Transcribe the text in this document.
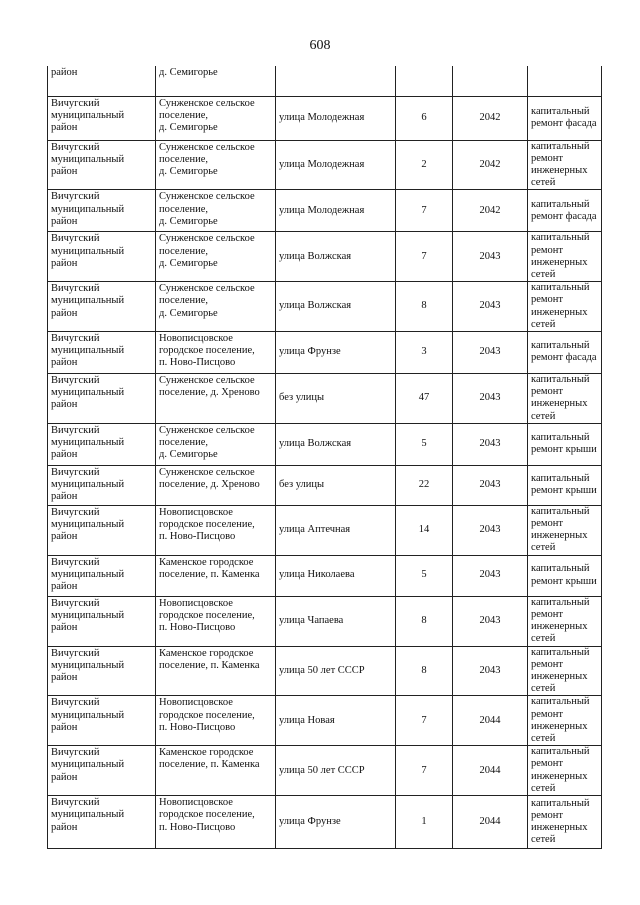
608
район	д. Семигорье				
Вичугский
муниципальный
район	Сунженское сельское
поселение,
д. Семигорье	улица Молодежная	6	2042	капитальный
ремонт фасада
Вичугский
муниципальный
район	Сунженское сельское
поселение,
д. Семигорье	улица Молодежная	2	2042	капитальный
ремонт
инженерных
сетей
Вичугский
муниципальный
район	Сунженское сельское
поселение,
д. Семигорье	улица Молодежная	7	2042	капитальный
ремонт фасада
Вичугский
муниципальный
район	Сунженское сельское
поселение,
д. Семигорье	улица Волжская	7	2043	капитальный
ремонт
инженерных
сетей
Вичугский
муниципальный
район	Сунженское сельское
поселение,
д. Семигорье	улица Волжская	8	2043	капитальный
ремонт
инженерных
сетей
Вичугский
муниципальный
район	Новописцовское
городское поселение,
п. Ново-Писцово	улица Фрунзе	3	2043	капитальный
ремонт фасада
Вичугский
муниципальный
район	Сунженское сельское
поселение, д. Хреново	без улицы	47	2043	капитальный
ремонт
инженерных
сетей
Вичугский
муниципальный
район	Сунженское сельское
поселение,
д. Семигорье	улица Волжская	5	2043	капитальный
ремонт крыши
Вичугский
муниципальный
район	Сунженское сельское
поселение, д. Хреново	без улицы	22	2043	капитальный
ремонт крыши
Вичугский
муниципальный
район	Новописцовское
городское поселение,
п. Ново-Писцово	улица Аптечная	14	2043	капитальный
ремонт
инженерных
сетей
Вичугский
муниципальный
район	Каменское городское
поселение, п. Каменка	улица Николаева	5	2043	капитальный
ремонт крыши
Вичугский
муниципальный
район	Новописцовское
городское поселение,
п. Ново-Писцово	улица Чапаева	8	2043	капитальный
ремонт
инженерных
сетей
Вичугский
муниципальный
район	Каменское городское
поселение, п. Каменка	улица 50 лет СССР	8	2043	капитальный
ремонт
инженерных
сетей
Вичугский
муниципальный
район	Новописцовское
городское поселение,
п. Ново-Писцово	улица Новая	7	2044	капитальный
ремонт
инженерных
сетей
Вичугский
муниципальный
район	Каменское городское
поселение, п. Каменка	улица 50 лет СССР	7	2044	капитальный
ремонт
инженерных
сетей
Вичугский
муниципальный
район	Новописцовское
городское поселение,
п. Ново-Писцово	улица Фрунзе	1	2044	капитальный
ремонт
инженерных
сетей
